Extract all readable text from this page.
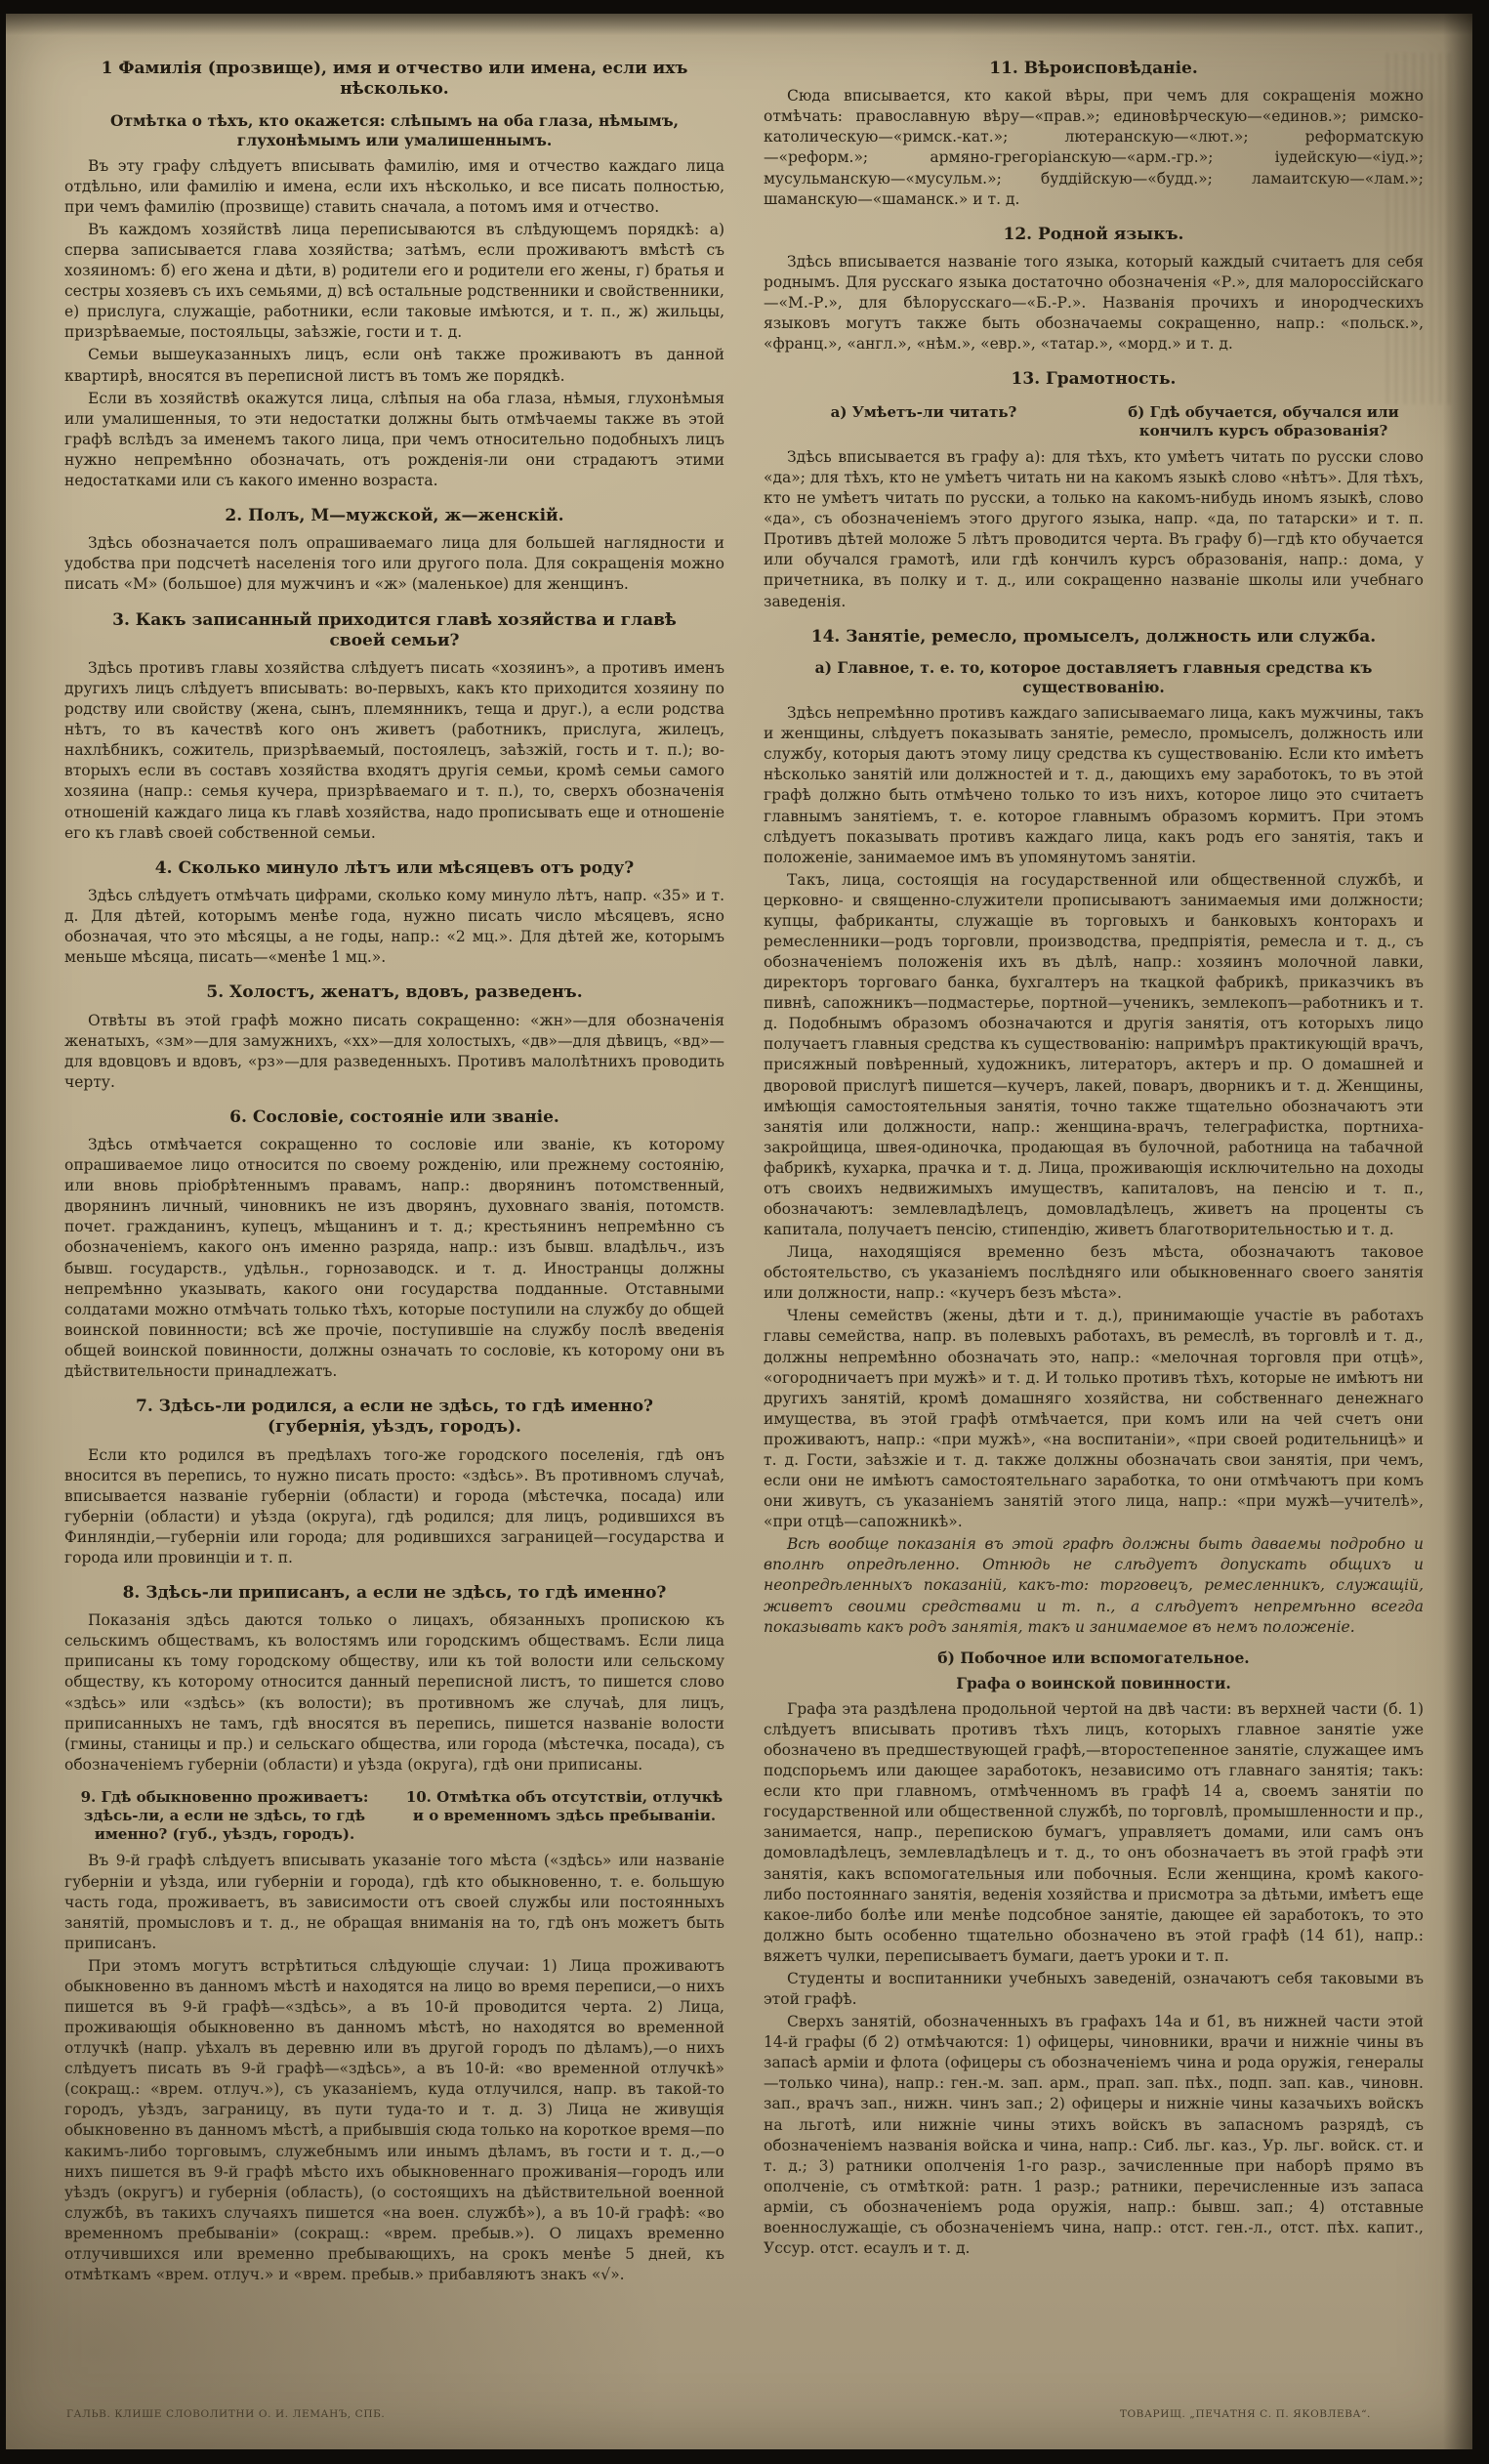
1 Фамилія (прозвище), имя и отчество или имена, если ихъ нѣсколько.
Отмѣтка о тѣхъ, кто окажется: слѣпымъ на оба глаза, нѣмымъ, глухонѣмымъ или умалишеннымъ.
Въ эту графу слѣдуетъ вписывать фамилію, имя и отчество каждаго лица отдѣльно, или фамилію и имена, если ихъ нѣсколько, и все писать полностью, при чемъ фамилію (прозвище) ставить сначала, а потомъ имя и отчество.
Въ каждомъ хозяйствѣ лица переписываются въ слѣдующемъ порядкѣ: а) сперва записывается глава хозяйства; затѣмъ, если проживаютъ вмѣстѣ съ хозяиномъ: б) его жена и дѣти, в) родители его и родители его жены, г) братья и сестры хозяевъ съ ихъ семьями, д) всѣ остальные родственники и свойственники, е) прислуга, служащіе, работники, если таковые имѣются, и т. п., ж) жильцы, призрѣваемые, постояльцы, заѣзжіе, гости и т. д.
Семьи вышеуказанныхъ лицъ, если онѣ также проживаютъ въ данной квартирѣ, вносятся въ переписной листъ въ томъ же порядкѣ.
Если въ хозяйствѣ окажутся лица, слѣпыя на оба глаза, нѣмыя, глухонѣмыя или умалишенныя, то эти недостатки должны быть отмѣчаемы также въ этой графѣ вслѣдъ за именемъ такого лица, при чемъ относительно подобныхъ лицъ нужно непремѣнно обозначать, отъ рожденія-ли они страдаютъ этими недостатками или съ какого именно возраста.
2. Полъ, М—мужской, ж—женскій.
Здѣсь обозначается полъ опрашиваемаго лица для большей наглядности и удобства при подсчетѣ населенія того или другого пола. Для сокращенія можно писать «М» (большое) для мужчинъ и «ж» (маленькое) для женщинъ.
3. Какъ записанный приходится главѣ хозяйства и главѣ своей семьи?
Здѣсь противъ главы хозяйства слѣдуетъ писать «хозяинъ», а противъ именъ другихъ лицъ слѣдуетъ вписывать: во-первыхъ, какъ кто приходится хозяину по родству или свойству (жена, сынъ, племянникъ, теща и друг.), а если родства нѣтъ, то въ качествѣ кого онъ живетъ (работникъ, прислуга, жилецъ, нахлѣбникъ, сожитель, призрѣваемый, постоялецъ, заѣзжій, гость и т. п.); во-вторыхъ если въ составъ хозяйства входятъ другія семьи, кромѣ семьи самого хозяина (напр.: семья кучера, призрѣваемаго и т. п.), то, сверхъ обозначенія отношеній каждаго лица къ главѣ хозяйства, надо прописывать еще и отношеніе его къ главѣ своей собственной семьи.
4. Сколько минуло лѣтъ или мѣсяцевъ отъ роду?
Здѣсь слѣдуетъ отмѣчать цифрами, сколько кому минуло лѣтъ, напр. «35» и т. д. Для дѣтей, которымъ менѣе года, нужно писать число мѣсяцевъ, ясно обозначая, что это мѣсяцы, а не годы, напр.: «2 мц.». Для дѣтей же, которымъ меньше мѣсяца, писать—«менѣе 1 мц.».
5. Холостъ, женатъ, вдовъ, разведенъ.
Отвѣты въ этой графѣ можно писать сокращенно: «жн»—для обозначенія женатыхъ, «зм»—для замужнихъ, «хх»—для холостыхъ, «дв»—для дѣвицъ, «вд»—для вдовцовъ и вдовъ, «рз»—для разведенныхъ. Противъ малолѣтнихъ проводить черту.
6. Сословіе, состояніе или званіе.
Здѣсь отмѣчается сокращенно то сословіе или званіе, къ которому опрашиваемое лицо относится по своему рожденію, или прежнему состоянію, или вновь пріобрѣтеннымъ правамъ, напр.: дворянинъ потомственный, дворянинъ личный, чиновникъ не изъ дворянъ, духовнаго званія, потомств. почет. гражданинъ, купецъ, мѣщанинъ и т. д.; крестьянинъ непремѣнно съ обозначеніемъ, какого онъ именно разряда, напр.: изъ бывш. владѣльч., изъ бывш. государств., удѣльн., горнозаводск. и т. д. Иностранцы должны непремѣнно указывать, какого они государства подданные. Отставными солдатами можно отмѣчать только тѣхъ, которые поступили на службу до общей воинской повинности; всѣ же прочіе, поступившіе на службу послѣ введенія общей воинской повинности, должны означать то сословіе, къ которому они въ дѣйствительности принадлежатъ.
7. Здѣсь-ли родился, а если не здѣсь, то гдѣ именно? (губернія, уѣздъ, городъ).
Если кто родился въ предѣлахъ того-же городского поселенія, гдѣ онъ вносится въ перепись, то нужно писать просто: «здѣсь». Въ противномъ случаѣ, вписывается названіе губерніи (области) и города (мѣстечка, посада) или губерніи (области) и уѣзда (округа), гдѣ родился; для лицъ, родившихся въ Финляндіи,—губерніи или города; для родившихся заграницей—государства и города или провинціи и т. п.
8. Здѣсь-ли приписанъ, а если не здѣсь, то гдѣ именно?
Показанія здѣсь даются только о лицахъ, обязанныхъ пропискою къ сельскимъ обществамъ, къ волостямъ или городскимъ обществамъ. Если лица приписаны къ тому городскому обществу, или къ той волости или сельскому обществу, къ которому относится данный переписной листъ, то пишется слово «здѣсь» или «здѣсь» (къ волости); въ противномъ же случаѣ, для лицъ, приписанныхъ не тамъ, гдѣ вносятся въ перепись, пишется названіе волости (гмины, станицы и пр.) и сельскаго общества, или города (мѣстечка, посада), съ обозначеніемъ губерніи (области) и уѣзда (округа), гдѣ они приписаны.
9. Гдѣ обыкновенно проживаетъ: здѣсь-ли, а если не здѣсь, то гдѣ именно? (губ., уѣздъ, городъ).
10. Отмѣтка объ отсутствіи, отлучкѣ и о временномъ здѣсь пребываніи.
Въ 9-й графѣ слѣдуетъ вписывать указаніе того мѣста («здѣсь» или названіе губерніи и уѣзда, или губерніи и города), гдѣ кто обыкновенно, т. е. большую часть года, проживаетъ, въ зависимости отъ своей службы или постоянныхъ занятій, промысловъ и т. д., не обращая вниманія на то, гдѣ онъ можетъ быть приписанъ.
При этомъ могутъ встрѣтиться слѣдующіе случаи: 1) Лица проживаютъ обыкновенно въ данномъ мѣстѣ и находятся на лицо во время переписи,—о нихъ пишется въ 9-й графѣ—«здѣсь», а въ 10-й проводится черта. 2) Лица, проживающія обыкновенно въ данномъ мѣстѣ, но находятся во временной отлучкѣ (напр. уѣхалъ въ деревню или въ другой городъ по дѣламъ),—о нихъ слѣдуетъ писать въ 9-й графѣ—«здѣсь», а въ 10-й: «во временной отлучкѣ» (сокращ.: «врем. отлуч.»), съ указаніемъ, куда отлучился, напр. въ такой-то городъ, уѣздъ, заграницу, въ пути туда-то и т. д. 3) Лица не живущія обыкновенно въ данномъ мѣстѣ, а прибывшія сюда только на короткое время—по какимъ-либо торговымъ, служебнымъ или инымъ дѣламъ, въ гости и т. д.,—о нихъ пишется въ 9-й графѣ мѣсто ихъ обыкновеннаго проживанія—городъ или уѣздъ (округъ) и губернія (область), (о состоящихъ на дѣйствительной военной службѣ, въ такихъ случаяхъ пишется «на воен. службѣ»), а въ 10-й графѣ: «во временномъ пребываніи» (сокращ.: «врем. пребыв.»). О лицахъ временно отлучившихся или временно пребывающихъ, на срокъ менѣе 5 дней, къ отмѣткамъ «врем. отлуч.» и «врем. пребыв.» прибавляютъ знакъ «√».
11. Вѣроисповѣданіе.
Сюда вписывается, кто какой вѣры, при чемъ для сокращенія можно отмѣчать: православную вѣру—«прав.»; единовѣрческую—«единов.»; римско-католическую—«римск.-кат.»; лютеранскую—«лют.»; реформатскую—«реформ.»; армяно-грегоріанскую—«арм.-гр.»; іудейскую—«іуд.»; мусульманскую—«мусульм.»; буддійскую—«будд.»; ламаитскую—«лам.»; шаманскую—«шаманск.» и т. д.
12. Родной языкъ.
Здѣсь вписывается названіе того языка, который каждый считаетъ для себя роднымъ. Для русскаго языка достаточно обозначенія «Р.», для малороссійскаго—«М.-Р.», для бѣлорусскаго—«Б.-Р.». Названія прочихъ и инородческихъ языковъ могутъ также быть обозначаемы сокращенно, напр.: «польск.», «франц.», «англ.», «нѣм.», «евр.», «татар.», «морд.» и т. д.
13. Грамотность.
а) Умѣетъ-ли читать?	б) Гдѣ обучается, обучался или кончилъ курсъ образованія?
Здѣсь вписывается въ графу а): для тѣхъ, кто умѣетъ читать по русски слово «да»; для тѣхъ, кто не умѣетъ читать ни на какомъ языкѣ слово «нѣтъ». Для тѣхъ, кто не умѣетъ читать по русски, а только на какомъ-нибудь иномъ языкѣ, слово «да», съ обозначеніемъ этого другого языка, напр. «да, по татарски» и т. п. Противъ дѣтей моложе 5 лѣтъ проводится черта. Въ графу б)—гдѣ кто обучается или обучался грамотѣ, или гдѣ кончилъ курсъ образованія, напр.: дома, у причетника, въ полку и т. д., или сокращенно названіе школы или учебнаго заведенія.
14. Занятіе, ремесло, промыселъ, должность или служба.
а) Главное, т. е. то, которое доставляетъ главныя средства къ существованію.
Здѣсь непремѣнно противъ каждаго записываемаго лица, какъ мужчины, такъ и женщины, слѣдуетъ показывать занятіе, ремесло, промыселъ, должность или службу, которыя даютъ этому лицу средства къ существованію. Если кто имѣетъ нѣсколько занятій или должностей и т. д., дающихъ ему заработокъ, то въ этой графѣ должно быть отмѣчено только то изъ нихъ, которое лицо это считаетъ главнымъ занятіемъ, т. е. которое главнымъ образомъ кормитъ. При этомъ слѣдуетъ показывать противъ каждаго лица, какъ родъ его занятія, такъ и положеніе, занимаемое имъ въ упомянутомъ занятіи.
Такъ, лица, состоящія на государственной или общественной службѣ, и церковно- и священно-служители прописываютъ занимаемыя ими должности; купцы, фабриканты, служащіе въ торговыхъ и банковыхъ конторахъ и ремесленники—родъ торговли, производства, предпріятія, ремесла и т. д., съ обозначеніемъ положенія ихъ въ дѣлѣ, напр.: хозяинъ молочной лавки, директоръ торговаго банка, бухгалтеръ на ткацкой фабрикѣ, приказчикъ въ пивнѣ, сапожникъ—подмастерье, портной—ученикъ, землекопъ—работникъ и т. д. Подобнымъ образомъ обозначаются и другія занятія, отъ которыхъ лицо получаетъ главныя средства къ существованію: напримѣръ практикующій врачъ, присяжный повѣренный, художникъ, литераторъ, актеръ и пр. О домашней и дворовой прислугѣ пишется—кучеръ, лакей, поваръ, дворникъ и т. д. Женщины, имѣющія самостоятельныя занятія, точно также тщательно обозначаютъ эти занятія или должности, напр.: женщина-врачъ, телеграфистка, портниха-закройщица, швея-одиночка, продающая въ булочной, работница на табачной фабрикѣ, кухарка, прачка и т. д. Лица, проживающія исключительно на доходы отъ своихъ недвижимыхъ имуществъ, капиталовъ, на пенсію и т. п., обозначаютъ: землевладѣлецъ, домовладѣлецъ, живетъ на проценты съ капитала, получаетъ пенсію, стипендію, живетъ благотворительностью и т. д.
Лица, находящіяся временно безъ мѣста, обозначаютъ таковое обстоятельство, съ указаніемъ послѣдняго или обыкновеннаго своего занятія или должности, напр.: «кучеръ безъ мѣста».
Члены семействъ (жены, дѣти и т. д.), принимающіе участіе въ работахъ главы семейства, напр. въ полевыхъ работахъ, въ ремеслѣ, въ торговлѣ и т. д., должны непремѣнно обозначать это, напр.: «мелочная торговля при отцѣ», «огородничаетъ при мужѣ» и т. д. И только противъ тѣхъ, которые не имѣютъ ни другихъ занятій, кромѣ домашняго хозяйства, ни собственнаго денежнаго имущества, въ этой графѣ отмѣчается, при комъ или на чей счетъ они проживаютъ, напр.: «при мужѣ», «на воспитаніи», «при своей родительницѣ» и т. д. Гости, заѣзжіе и т. д. также должны обозначать свои занятія, при чемъ, если они не имѣютъ самостоятельнаго заработка, то они отмѣчаютъ при комъ они живутъ, съ указаніемъ занятій этого лица, напр.: «при мужѣ—учителѣ», «при отцѣ—сапожникѣ».
Всѣ вообще показанія въ этой графѣ должны быть даваемы подробно и вполнѣ опредѣленно. Отнюдь не слѣдуетъ допускать общихъ и неопредѣленныхъ показаній, какъ-то: торговецъ, ремесленникъ, служащій, живетъ своими средствами и т. п., а слѣдуетъ непремѣнно всегда показывать какъ родъ занятія, такъ и занимаемое въ немъ положеніе.
б) Побочное или вспомогательное.
Графа о воинской повинности.
Графа эта раздѣлена продольной чертой на двѣ части: въ верхней части (б. 1) слѣдуетъ вписывать противъ тѣхъ лицъ, которыхъ главное занятіе уже обозначено въ предшествующей графѣ,—второстепенное занятіе, служащее имъ подспорьемъ или дающее заработокъ, независимо отъ главнаго занятія; такъ: если кто при главномъ, отмѣченномъ въ графѣ 14 а, своемъ занятіи по государственной или общественной службѣ, по торговлѣ, промышленности и пр., занимается, напр., перепискою бумагъ, управляетъ домами, или самъ онъ домовладѣлецъ, землевладѣлецъ и т. д., то онъ обозначаетъ въ этой графѣ эти занятія, какъ вспомогательныя или побочныя. Если женщина, кромѣ какого-либо постояннаго занятія, веденія хозяйства и присмотра за дѣтьми, имѣетъ еще какое-либо болѣе или менѣе подсобное занятіе, дающее ей заработокъ, то это должно быть особенно тщательно обозначено въ этой графѣ (14 б1), напр.: вяжетъ чулки, переписываетъ бумаги, даетъ уроки и т. п.
Студенты и воспитанники учебныхъ заведеній, означаютъ себя таковыми въ этой графѣ.
Сверхъ занятій, обозначенныхъ въ графахъ 14а и б1, въ нижней части этой 14-й графы (б 2) отмѣчаются: 1) офицеры, чиновники, врачи и нижніе чины въ запасѣ арміи и флота (офицеры съ обозначеніемъ чина и рода оружія, генералы—только чина), напр.: ген.-м. зап. арм., прап. зап. пѣх., подп. зап. кав., чиновн. зап., врачъ зап., нижн. чинъ зап.; 2) офицеры и нижніе чины казачьихъ войскъ на льготѣ, или нижніе чины этихъ войскъ въ запасномъ разрядѣ, съ обозначеніемъ названія войска и чина, напр.: Сиб. льг. каз., Ур. льг. войск. ст. и т. д.; 3) ратники ополченія 1-го разр., зачисленные при наборѣ прямо въ ополченіе, съ отмѣткой: ратн. 1 разр.; ратники, перечисленные изъ запаса арміи, съ обозначеніемъ рода оружія, напр.: бывш. зап.; 4) отставные военнослужащіе, съ обозначеніемъ чина, напр.: отст. ген.-л., отст. пѣх. капит., Уссур. отст. есаулъ и т. д.
ГАЛЬВ. КЛИШЕ СЛОВОЛИТНИ О. И. ЛЕМАНЪ, СПБ.	ТОВАРИЩ. „ПЕЧАТНЯ С. П. ЯКОВЛЕВА“.
